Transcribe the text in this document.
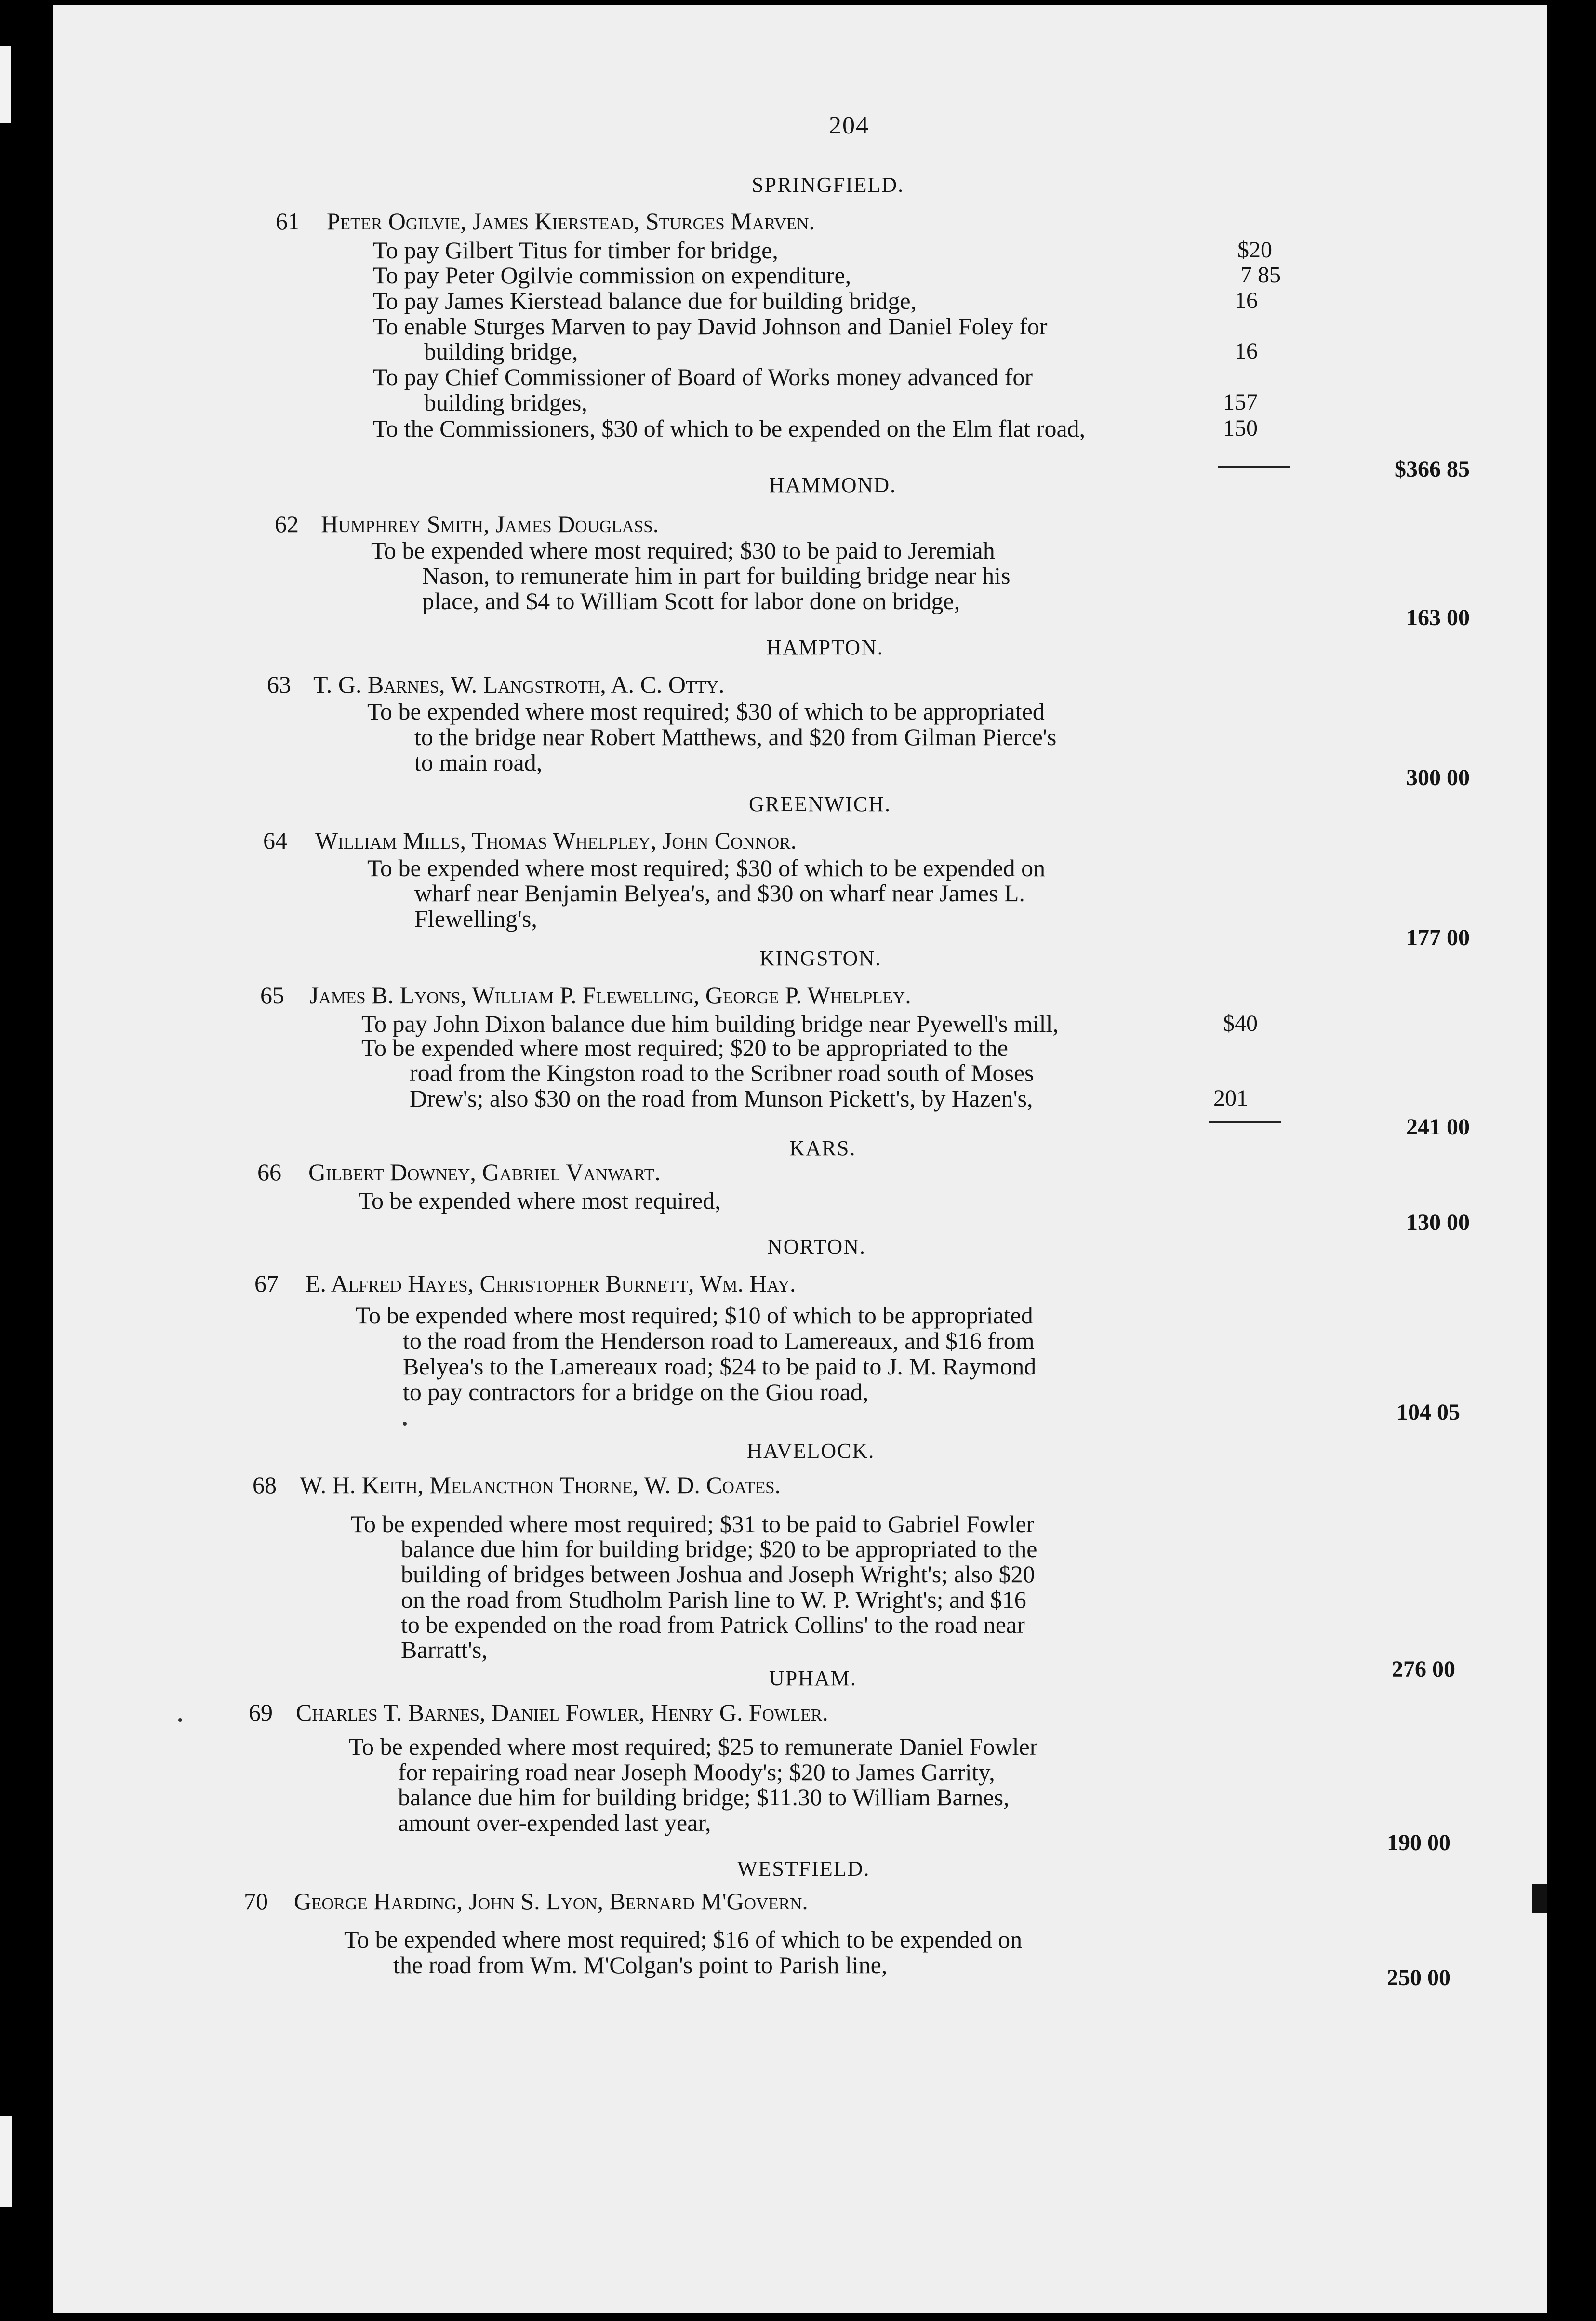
204
SPRINGFIELD.
61 Peter Ogilvie, James Kierstead, Sturges Marven.
To pay Gilbert Titus for timber for bridge,
To pay Peter Ogilvie commission on expenditure,
To pay James Kierstead balance due for building bridge,
To enable Sturges Marven to pay David Johnson and Daniel Foley for
building bridge,
To pay Chief Commissioner of Board of Works money advanced for
building bridges,
To the Commissioners, $30 of which to be expended on the Elm flat road,
$20
7 85
16
16
157
150
$366 85
HAMMOND.
62 Humphrey Smith, James Douglass.
To be expended where most required; $30 to be paid to Jeremiah
Nason, to remunerate him in part for building bridge near his
place, and $4 to William Scott for labor done on bridge,
163 00
HAMPTON.
63 T. G. Barnes, W. Langstroth, A. C. Otty.
To be expended where most required; $30 of which to be appropriated
to the bridge near Robert Matthews, and $20 from Gilman Pierce's
to main road,
300 00
GREENWICH.
64 William Mills, Thomas Whelpley, John Connor.
To be expended where most required; $30 of which to be expended on
wharf near Benjamin Belyea's, and $30 on wharf near James L.
Flewelling's,
177 00
KINGSTON.
65 James B. Lyons, William P. Flewelling, George P. Whelpley.
To pay John Dixon balance due him building bridge near Pyewell's mill,
To be expended where most required; $20 to be appropriated to the
road from the Kingston road to the Scribner road south of Moses
Drew's; also $30 on the road from Munson Pickett's, by Hazen's,
$40
201
241 00
KARS.
66 Gilbert Downey, Gabriel Vanwart.
To be expended where most required,
130 00
NORTON.
67 E. Alfred Hayes, Christopher Burnett, Wm. Hay.
To be expended where most required; $10 of which to be appropriated
to the road from the Henderson road to Lamereaux, and $16 from
Belyea's to the Lamereaux road; $24 to be paid to J. M. Raymond
to pay contractors for a bridge on the Giou road,
104 05
HAVELOCK.
68 W. H. Keith, Melancthon Thorne, W. D. Coates.
To be expended where most required; $31 to be paid to Gabriel Fowler
balance due him for building bridge; $20 to be appropriated to the
building of bridges between Joshua and Joseph Wright's; also $20
on the road from Studholm Parish line to W. P. Wright's; and $16
to be expended on the road from Patrick Collins' to the road near
Barratt's,
276 00
UPHAM.
69 Charles T. Barnes, Daniel Fowler, Henry G. Fowler.
To be expended where most required; $25 to remunerate Daniel Fowler
for repairing road near Joseph Moody's; $20 to James Garrity,
balance due him for building bridge; $11.30 to William Barnes,
amount over-expended last year,
190 00
WESTFIELD.
70 George Harding, John S. Lyon, Bernard M'Govern.
To be expended where most required; $16 of which to be expended on
the road from Wm. M'Colgan's point to Parish line,	250 00
